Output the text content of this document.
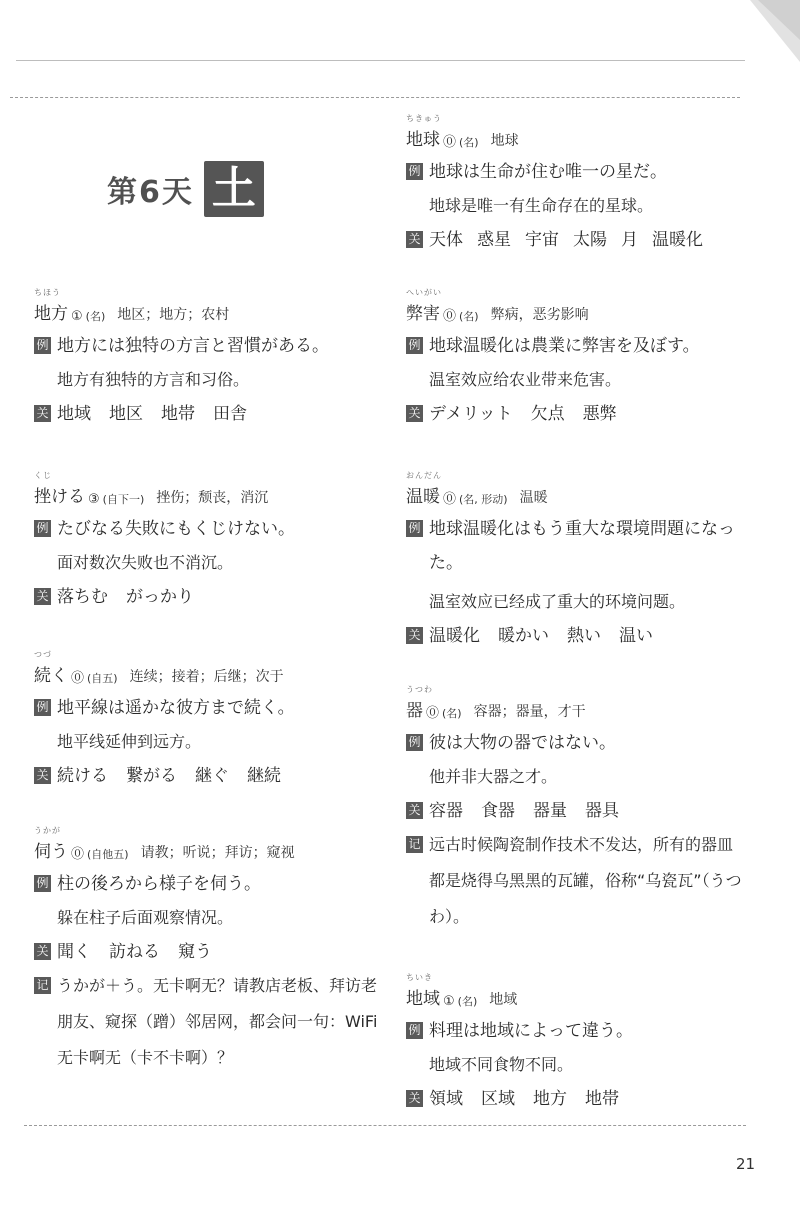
第6天 土
ちほう
地方 ① (名) 地区；地方；农村
例 地方には独特の方言と習慣がある。
地方有独特的方言和习俗。
关 地域 地区 地帯 田舎
くじ
挫ける ③ (自下一) 挫伤；颓丧，消沉
例 たびなる失敗にもくじけない。
面对数次失败也不消沉。
关 落ちむ がっかり
つづ
続く ⓪ (自五) 连续；接着；后继；次于
例 地平線は遥かな彼方まで続く。
地平线延伸到远方。
关 続ける 繋がる 継ぐ 継続
うかが
伺う ⓪ (自他五) 请教；听说；拜访；窥视
例 柱の後ろから様子を伺う。
躲在柱子后面观察情况。
关 聞く 訪ねる 窺う
记 うかが＋う。无卡啊无？请教店老板、拜访老朋友、窥探（蹭）邻居网，都会问一句：WiFi 无卡啊无（卡不卡啊）？
ちきゅう
地球 ⓪ (名) 地球
例 地球は生命が住む唯一の星だ。
地球是唯一有生命存在的星球。
关 天体 惑星 宇宙 太陽 月 温暖化
へいがい
弊害 ⓪ (名) 弊病，恶劣影响
例 地球温暖化は農業に弊害を及ぼす。
温室效应给农业带来危害。
关 デメリット 欠点 悪弊
おんだん
温暖 ⓪ (名, 形动) 温暖
例 地球温暖化はもう重大な環境問題になった。
温室效应已经成了重大的环境问题。
关 温暖化 暖かい 熱い 温い
うつわ
器 ⓪ (名) 容器；器量，才干
例 彼は大物の器ではない。
他并非大器之才。
关 容器 食器 器量 器具
记 远古时候陶瓷制作技术不发达，所有的器皿都是烧得乌黑黑的瓦罐，俗称“乌瓷瓦”（うつわ）。
ちいき
地域 ① (名) 地域
例 料理は地域によって違う。
地域不同食物不同。
关 領域 区域 地方 地帯
21
